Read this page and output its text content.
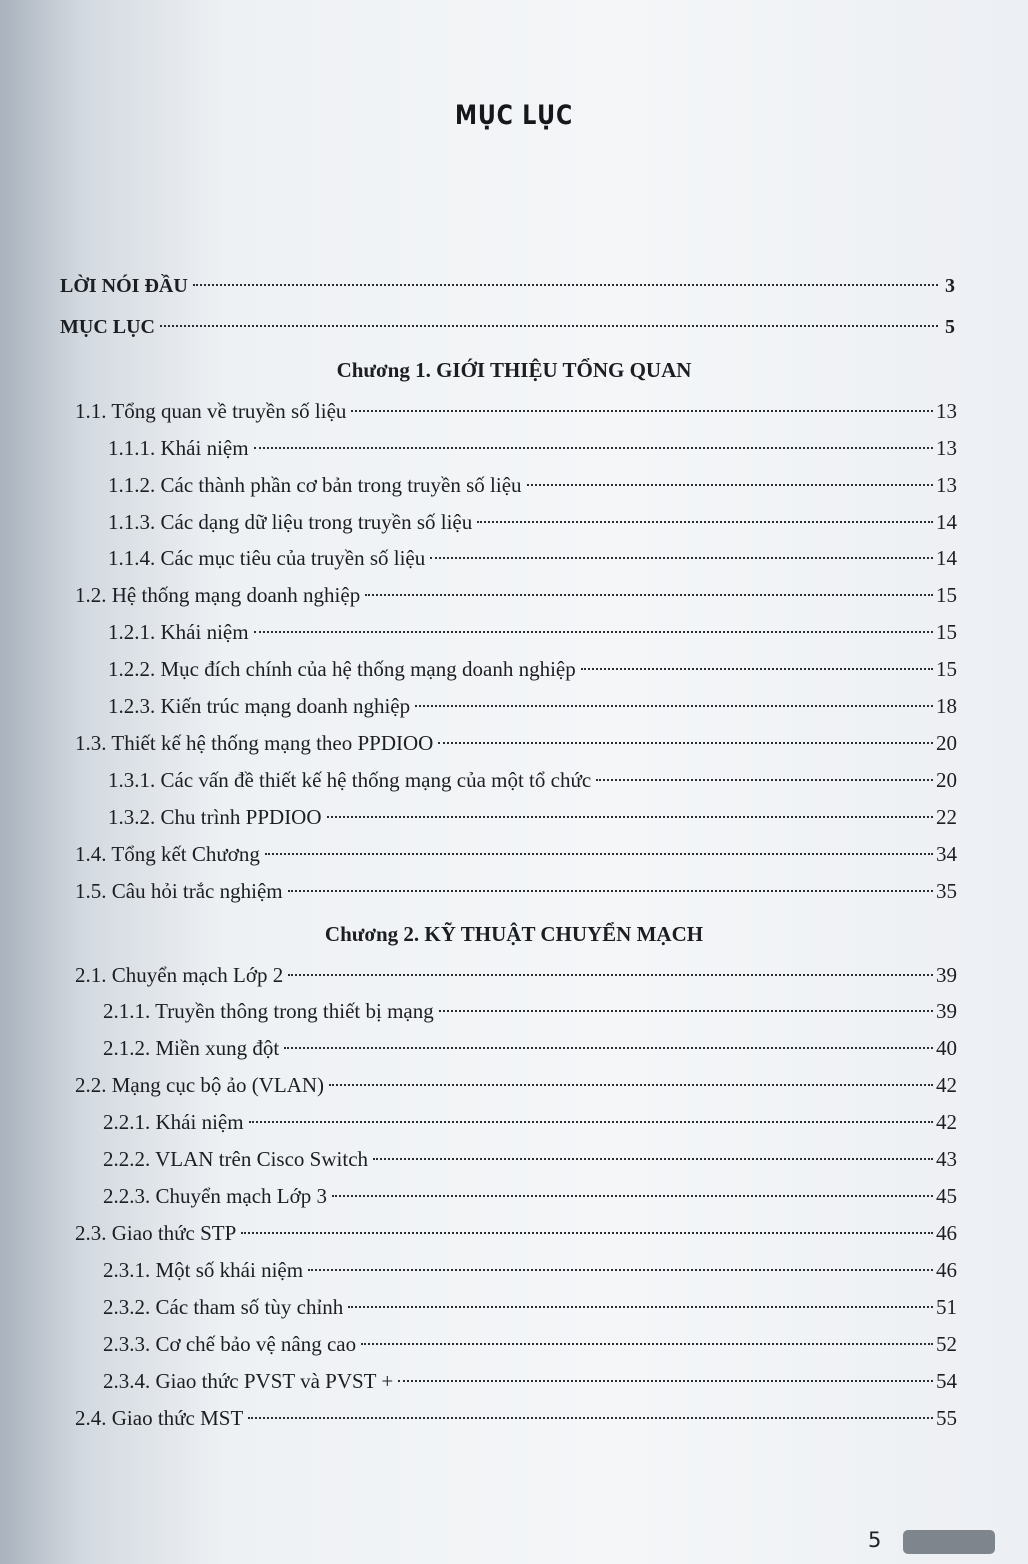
MỤC LỤC
LỜI NÓI ĐẦU	3
MỤC LỤC	5
Chương 1. GIỚI THIỆU TỔNG QUAN
1.1. Tổng quan về truyền số liệu	13
1.1.1. Khái niệm	13
1.1.2. Các thành phần cơ bản trong truyền số liệu	13
1.1.3. Các dạng dữ liệu trong truyền số liệu	14
1.1.4. Các mục tiêu của truyền số liệu	14
1.2. Hệ thống mạng doanh nghiệp	15
1.2.1. Khái niệm	15
1.2.2. Mục đích chính của hệ thống mạng doanh nghiệp	15
1.2.3. Kiến trúc mạng doanh nghiệp	18
1.3. Thiết kế hệ thống mạng theo PPDIOO	20
1.3.1. Các vấn đề thiết kế hệ thống mạng của một tổ chức	20
1.3.2. Chu trình PPDIOO	22
1.4. Tổng kết Chương	34
1.5. Câu hỏi trắc nghiệm	35
Chương 2. KỸ THUẬT CHUYỂN MẠCH
2.1. Chuyển mạch Lớp 2	39
2.1.1. Truyền thông trong thiết bị mạng	39
2.1.2. Miền xung đột	40
2.2. Mạng cục bộ ảo (VLAN)	42
2.2.1. Khái niệm	42
2.2.2. VLAN trên Cisco Switch	43
2.2.3. Chuyển mạch Lớp 3	45
2.3. Giao thức STP	46
2.3.1. Một số khái niệm	46
2.3.2. Các tham số tùy chỉnh	51
2.3.3. Cơ chế bảo vệ nâng cao	52
2.3.4. Giao thức PVST và PVST +	54
2.4. Giao thức MST	55
5
